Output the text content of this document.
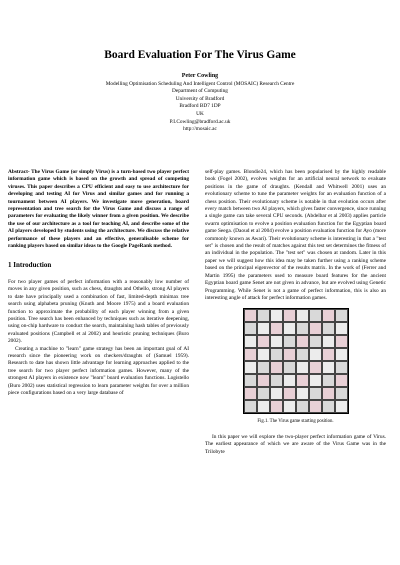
Board Evaluation For The Virus Game
Peter Cowling
Modelling Optimisation Scheduling And Intelligent Control (MOSAIC) Research Centre
Department of Computing
University of Bradford
Bradford BD7 1DP
UK
P.I.Cowling@bradford.ac.uk
http://mosaic.ac

Abstract- The Virus Game (or simply Virus) is a turn-based two player perfect information game which is based on the growth and spread of competing viruses. This paper describes a CPU efficient and easy to use architecture for developing and testing AI for Virus and similar games and for running a tournament between AI players. We investigate move generation, board representation and tree search for the Virus Game and discuss a range of parameters for evaluating the likely winner from a given position. We describe the use of our architecture as a tool for teaching AI, and describe some of the AI players developed by students using the architecture. We discuss the relative performance of these players and an effective, generalisable scheme for ranking players based on similar ideas to the Google PageRank method.

1 Introduction

For two player games of perfect information with a reasonably low number of moves in any given position, such as chess, draughts and Othello, strong AI players to date have principally used a combination of fast, limited-depth minimax tree search using alphabeta pruning (Knuth and Moore 1975) and a board evaluation function to approximate the probability of each player winning from a given position. Tree search has been enhanced by techniques such as iterative deepening, using on-chip hardware to conduct the search, maintaining hash tables of previously evaluated positions (Campbell et al 2002) and heuristic pruning techniques (Buro 2002).

Creating a machine to "learn" game strategy has been an important goal of AI research since the pioneering work on checkers/draughts of (Samuel 1959). Research to date has shown little advantage for learning approaches applied to the tree search for two player perfect information games. However, many of the strongest AI players in existence now "learn" board evaluation functions. Logistello (Buro 2002) uses statistical regression to learn parameter weights for over a million piece configurations based on a very large database of

self-play games. Blondie24, which has been popularised by the highly readable book (Fogel 2002), evolves weights for an artificial neural network to evaluate positions in the game of draughts. (Kendall and Whitwell 2001) uses an evolutionary scheme to tune the parameter weights for an evaluation function of a chess position. Their evolutionary scheme is notable in that evolution occurs after every match between two AI players, which gives faster convergence, since running a single game can take several CPU seconds. (Abdelbar et al 2003) applies particle swarm optimisation to evolve a position evaluation function for the Egyptian board game Seega. (Daoud et al 2004) evolve a position evaluation function for Ayo (more commonly known as Awari). Their evolutionary scheme is interesting in that a "test set" is chosen and the result of matches against this test set determines the fitness of an individual in the population. The "test set" was chosen at random. Later in this paper we will suggest how this idea may be taken further using a ranking scheme based on the principal eigenvector of the results matrix. In the work of (Ferrer and Martin 1995) the parameters used to measure board features for the ancient Egyptian board game Senet are not given in advance, but are evolved using Genetic Programming. While Senet is not a game of perfect information, this is also an interesting angle of attack for perfect information games.

Fig.1. The Virus game starting position.

In this paper we will explore the two-player perfect information game of Virus. The earliest appearance of which we are aware of the Virus Game was in the Trilobyte
